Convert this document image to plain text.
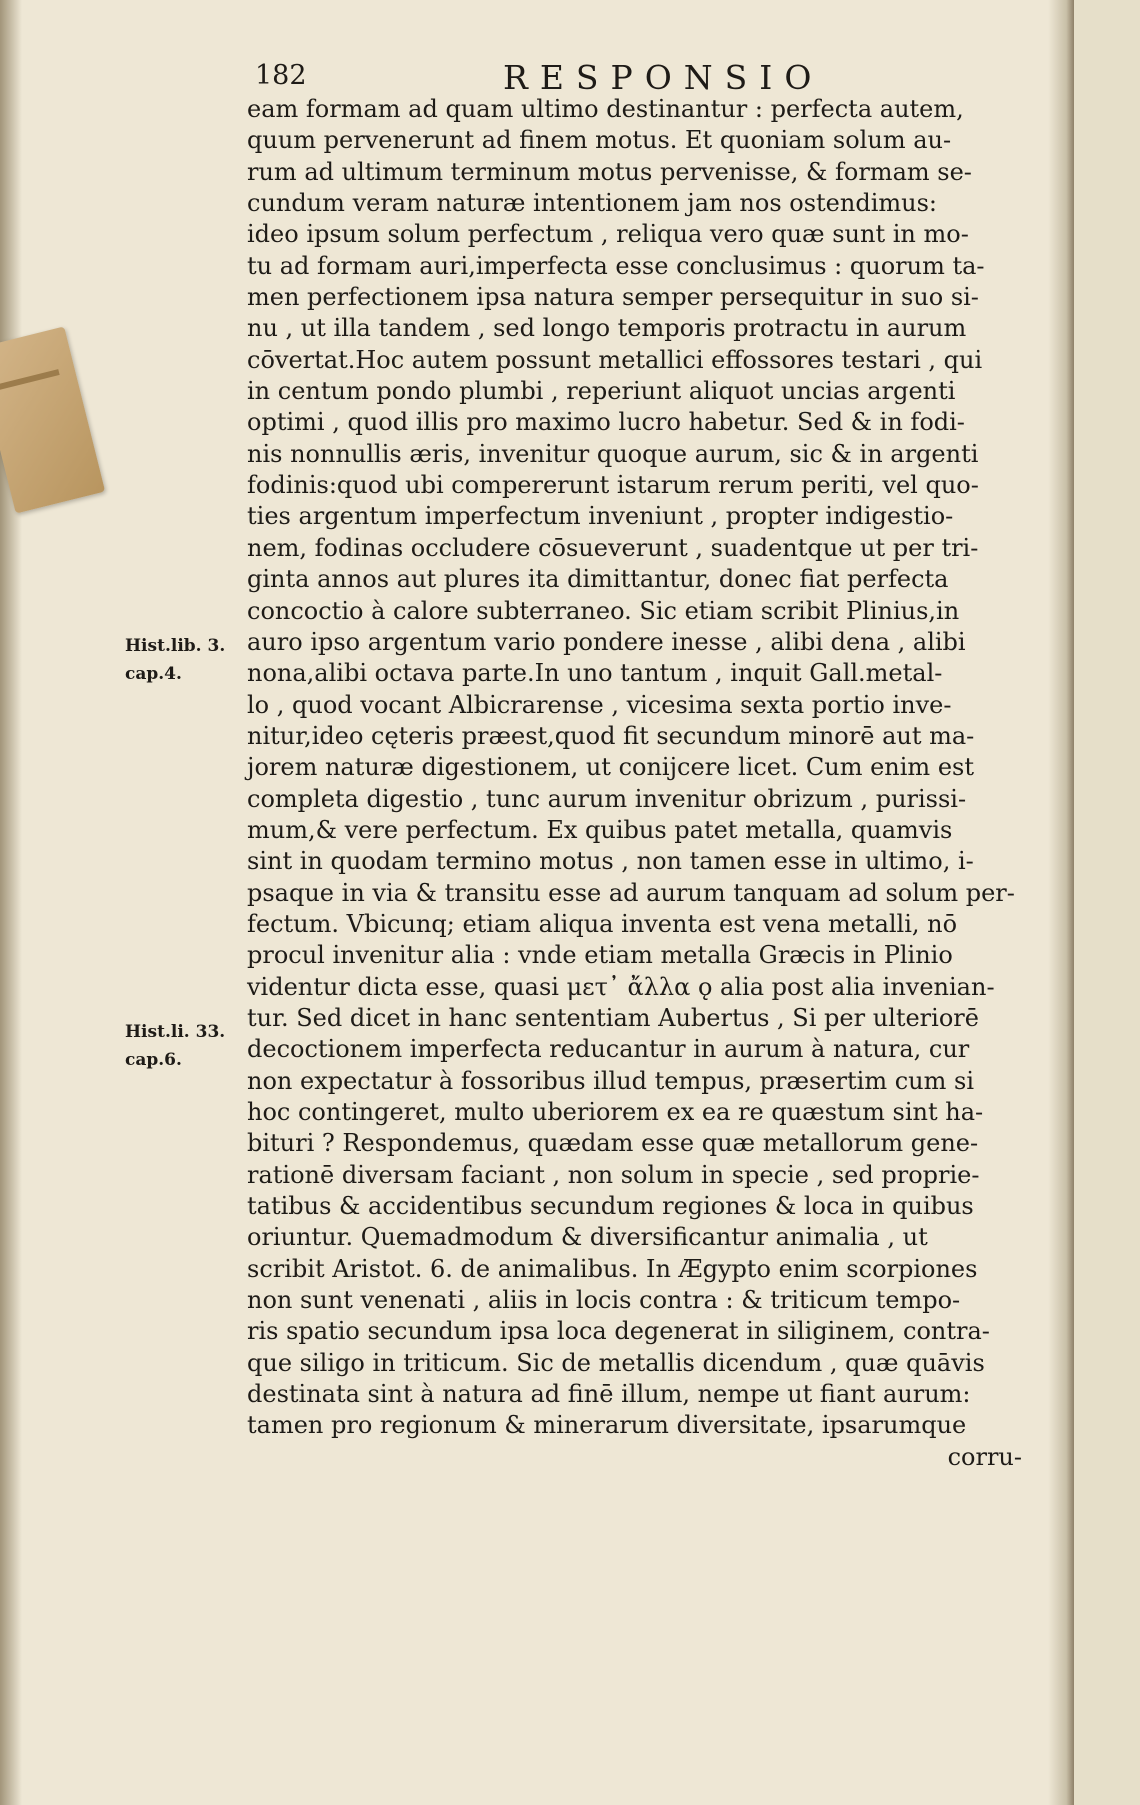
182	RESPONSIO
Hist.lib. 3.
cap.4.
Hist.li. 33.
cap.6.
eam formam ad quam ultimo destinantur : perfecta autem,
quum pervenerunt ad finem motus. Et quoniam solum au-
rum ad ultimum terminum motus pervenisse, & formam se-
cundum veram naturæ intentionem jam nos ostendimus:
ideo ipsum solum perfectum , reliqua vero quæ sunt in mo-
tu ad formam auri,imperfecta esse conclusimus : quorum ta-
men perfectionem ipsa natura semper persequitur in suo si-
nu , ut illa tandem , sed longo temporis protractu in aurum
cōvertat.Hoc autem possunt metallici effossores testari , qui
in centum pondo plumbi , reperiunt aliquot uncias argenti
optimi , quod illis pro maximo lucro habetur. Sed & in fodi-
nis nonnullis æris, invenitur quoque aurum, sic & in argenti
fodinis:quod ubi compererunt istarum rerum periti, vel quo-
ties argentum imperfectum inveniunt , propter indigestio-
nem, fodinas occludere cōsueverunt , suadentque ut per tri-
ginta annos aut plures ita dimittantur, donec fiat perfecta
concoctio à calore subterraneo. Sic etiam scribit Plinius,in
auro ipso argentum vario pondere inesse , alibi dena , alibi
nona,alibi octava parte.In uno tantum , inquit Gall.metal-
lo , quod vocant Albicrarense , vicesima sexta portio inve-
nitur,ideo cęteris præest,quod fit secundum minorē aut ma-
jorem naturæ digestionem, ut conijcere licet. Cum enim est
completa digestio , tunc aurum invenitur obrizum , purissi-
mum,& vere perfectum. Ex quibus patet metalla, quamvis
sint in quodam termino motus , non tamen esse in ultimo, i-
psaque in via & transitu esse ad aurum tanquam ad solum per-
fectum. Vbicunq; etiam aliqua inventa est vena metalli, nō
procul invenitur alia : vnde etiam metalla Græcis in Plinio
videntur dicta esse, quasi μετ᾽ ἄλλα ǫ alia post alia invenian-
tur. Sed dicet in hanc sententiam Aubertus , Si per ulteriorē
decoctionem imperfecta reducantur in aurum à natura, cur
non expectatur à fossoribus illud tempus, præsertim cum si
hoc contingeret, multo uberiorem ex ea re quæstum sint ha-
bituri ? Respondemus, quædam esse quæ metallorum gene-
rationē diversam faciant , non solum in specie , sed proprie-
tatibus & accidentibus secundum regiones & loca in quibus
oriuntur. Quemadmodum & diversificantur animalia , ut
scribit Aristot. 6. de animalibus. In Ægypto enim scorpiones
non sunt venenati , aliis in locis contra : & triticum tempo-
ris spatio secundum ipsa loca degenerat in siliginem, contra-
que siligo in triticum. Sic de metallis dicendum , quæ quāvis
destinata sint à natura ad finē illum, nempe ut fiant aurum:
tamen pro regionum & minerarum diversitate, ipsarumque
corru-
